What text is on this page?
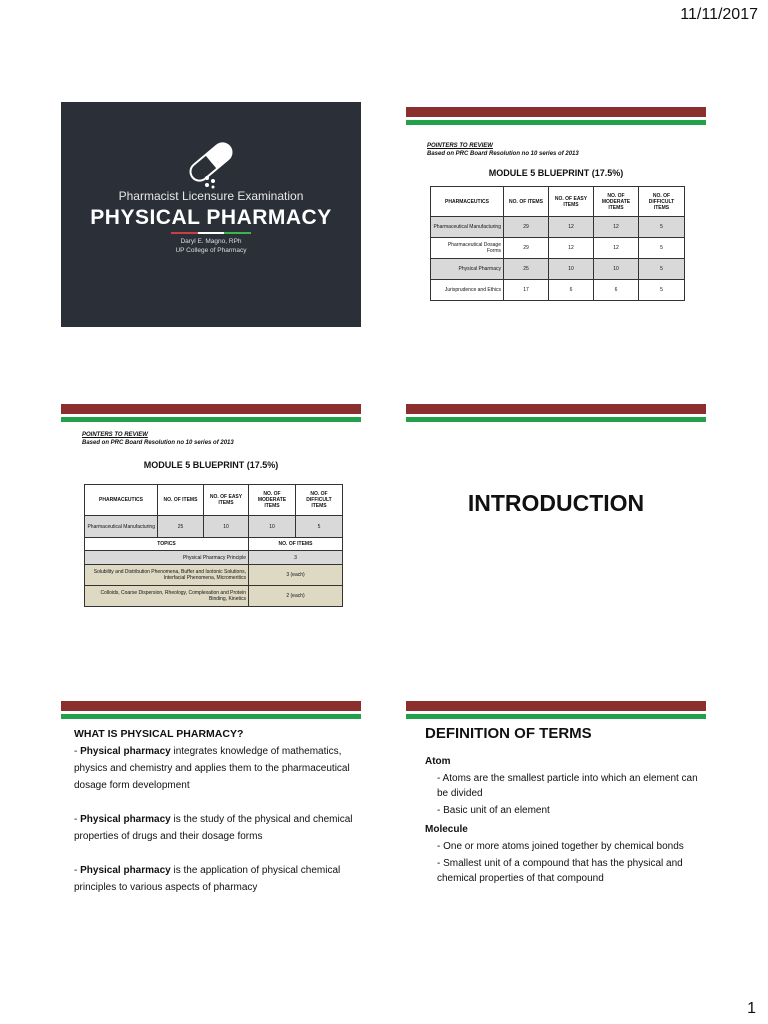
11/11/2017
Pharmacist Licensure Examination
PHYSICAL PHARMACY
Daryl E. Magno, RPh
UP College of Pharmacy
POINTERS TO REVIEW
Based on PRC Board Resolution no 10 series of 2013
MODULE 5 BLUEPRINT (17.5%)
PHARMACEUTICS	NO. OF ITEMS	NO. OF EASY ITEMS	NO. OF MODERATE ITEMS	NO. OF DIFFICULT ITEMS
Pharmaceutical Manufacturing	29	12	12	5
Pharmaceutical Dosage Forms	29	12	12	5
Physical Pharmacy	25	10	10	5
Jurisprudence and Ethics	17	6	6	5
POINTERS TO REVIEW
Based on PRC Board Resolution no 10 series of 2013
MODULE 5 BLUEPRINT (17.5%)
PHARMACEUTICS	NO. OF ITEMS	NO. OF EASY ITEMS	NO. OF MODERATE ITEMS	NO. OF DIFFICULT ITEMS
Pharmaceutical Manufacturing	25	10	10	5
TOPICS			NO. OF ITEMS	
Physical Pharmacy Principle			3	
Solubility and Distribution Phenomena, Buffer and Isotonic Solutions, Interfacial Phenomena, Micromeritics			3 (each)	
Colloids, Coarse Dispersion, Rheology, Complexation and Protein Binding, Kinetics			2 (each)	
INTRODUCTION
WHAT IS PHYSICAL PHARMACY?

- Physical pharmacy integrates knowledge of mathematics, physics and chemistry and applies them to the pharmaceutical dosage form development

- Physical pharmacy is the study of the physical and chemical properties of drugs and their dosage forms

- Physical pharmacy is the application of physical chemical principles to various aspects of pharmacy

DEFINITION OF TERMS
Atom
- Atoms are the smallest particle into which an element can be divided
- Basic unit of an element
Molecule
- One or more atoms joined together by chemical bonds
- Smallest unit of a compound that has the physical and chemical properties of that compound
1
